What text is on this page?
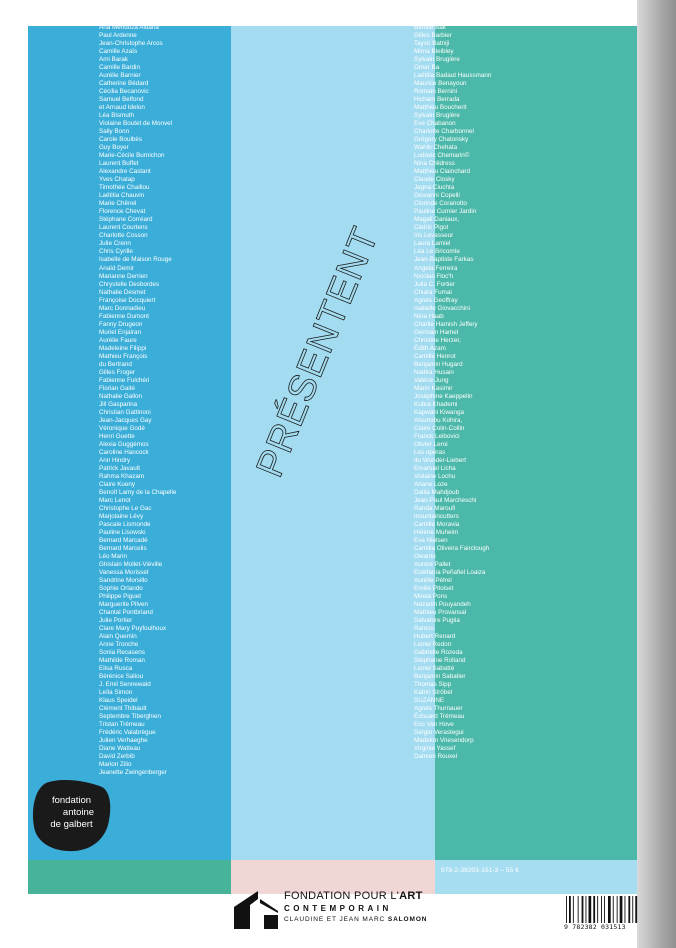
Dominique Abensour
Amélie Adamo
Ana Mendoza Aldana
Paul Ardenne
Jean-Christophe Arcos
Camille Azaïs
Ami Barak
Camille Bardin
Aurélie Barnier
Catherine Bédard
Cécilia Becanovic
Samuel Belfond
et Arnaud Idelon
Léa Bismuth
Violaine Boutet de Monvel
Sally Bonn
Carole Boulbès
Guy Boyer
Marie-Cécile Burnichon
Laurent Buffet
Alexandre Castant
Yves Chatap
Timothée Chaillou
Laëtitia Chauvin
Marie Chênel
Florence Chevat
Stéphane Corréard
Laurent Courtens
Charlotte Cosson
Julie Crenn
Chris Cyrille
Isabelle de Maison Rouge
Anaïd Demir
Marianne Derrien
Chrystelle Desbordes
Nathalie Desmet
Françoise Docquiert
Marc Donnadieu
Fabienne Dumont
Fanny Drugeon
Muriel Enjalran
Aurélie Faure
Madeleine Filippi
Mathieu François
du Bertrand
Gilles Froger
Fabienne Fulchéri
Florian Gaité
Nathalie Gallon
Jill Gasparina
Christian Gattinoni
Jean-Jacques Gay
Véronique Godé
Henri Guette
Alexia Guggémos
Caroline Hancock
Ann Hindry
Patrick Javault
Rahma Khazam
Claire Kueny
Benoît Lamy de la Chapelle
Marc Lenot
Christophe Le Gac
Marjolaine Lévy
Pascale Lismonde
Pauline Lisowski
Bernard Marcadé
Bernard Marcelis
Léo Marin
Ghislain Mollet-Viéville
Vanessa Morisset
Sandrine Morsillo
Sophie Orlando
Philippe Piguet
Marguerite Pilven
Chantal Pontbriand
Julie Portier
Clare Mary Puyfoulhoux
Alain Quemin
Anne Tronche
Sonia Recasens
Mathilde Roman
Elisa Rusca
Bérénice Saliou
J. Emil Sennewald
Leïla Simon
Klaus Speidel
Clément Thibault
Septembre Tiberghien
Tristan Trémeau
Frédéric Valabrègue
Julien Verhaeghe
Diane Watteau
David Zerbib
Marion Zilio
Jeanette Zwingenberger
Anaïs Ang
Joan Ayrton
Bertille Bak
Gilles Barbier
Taysir Batniji
Mirna Bleibley
Sylvain Brugière
Omar Ba
Laëtitia Badaut Haussmann
Maurice Benayoun
Romain Bernini
Hicham Berrada
Matthieu Boucherit
Sylvain Brugière
Eve Chabanon
Charlotte Charbonnel
Grégory Chatonsky
Wahib Chehata
Ludovic Chemarin©
Nina Childress
Matthieu Clainchard
Claude Closky
Jagna Ciuchta
Giovanni Copelli
Clorinde Coranotto
Pauline Curnier Jardin
Magali Daniaux,
Cédric Pigot
Iris Levasseur
Laura Lamiel
Léa Le Bricomte
Jean-Baptiste Farkas
Angela Ferreira
Nicolas Floc'h
Julia C. Fortier
Chiara Fumai
Agnès Geoffray
Isabelle Giovacchini
Nina Haab
Charlie Hamish Jeffery
Germain Hamel
Christine Herzer,
Édith Azam
Camille Henrot
Benjamin Hugard
Nadira Husain
Valérie Jung
Marin Kasimir
Joséphine Kaeppelin
Kubra Khademi
Kapwani Kiwanga
Atsunobu Kohira,
Claire Colin-Collin
Franck Leibovici
Olivier Leroi
Les opéras
du Wonder-Liebert
Emanuel Licha
Violaine Lochu
Ariane Loze
Dalila Mahdjoub
Jean-Paul Marcheschi
Randa Maroufi
mountaincutters
Camille Moravia
Hélène Muheim
Eva Nielsen
Camilla Oliveira Fairclough
Owanto
Aurore Pallet
Estefanía Peñafiel Loaiza
Aurélie Pétrel
Emilie Pitoiset
Mireia Pons
Nazanin Pouyandeh
Mathieu Provansal
Salvatore Puglia
Ramos
Hubert Renard
Lionel Redon
Gabrielle Rozeda
Stéphanie Rolland
Lionel Sabatté
Benjamin Sabatier
Thomas Sipp
Katrin Ströbel
SUZANNE
Agnès Thurnauer
Édouard Trémeau
Eric Van Hove
Sergio Verastegui
Madelon Vriesendorp
Virginie Yassef
Damien Rouxel
PRÉSENTENT
fondation
antoine
de galbert
978-2-38203-151-3 – 55 €
FONDATION POUR L'ART
CONTEMPORAIN
CLAUDINE ET JEAN MARC SALOMON
9 782382 031513
